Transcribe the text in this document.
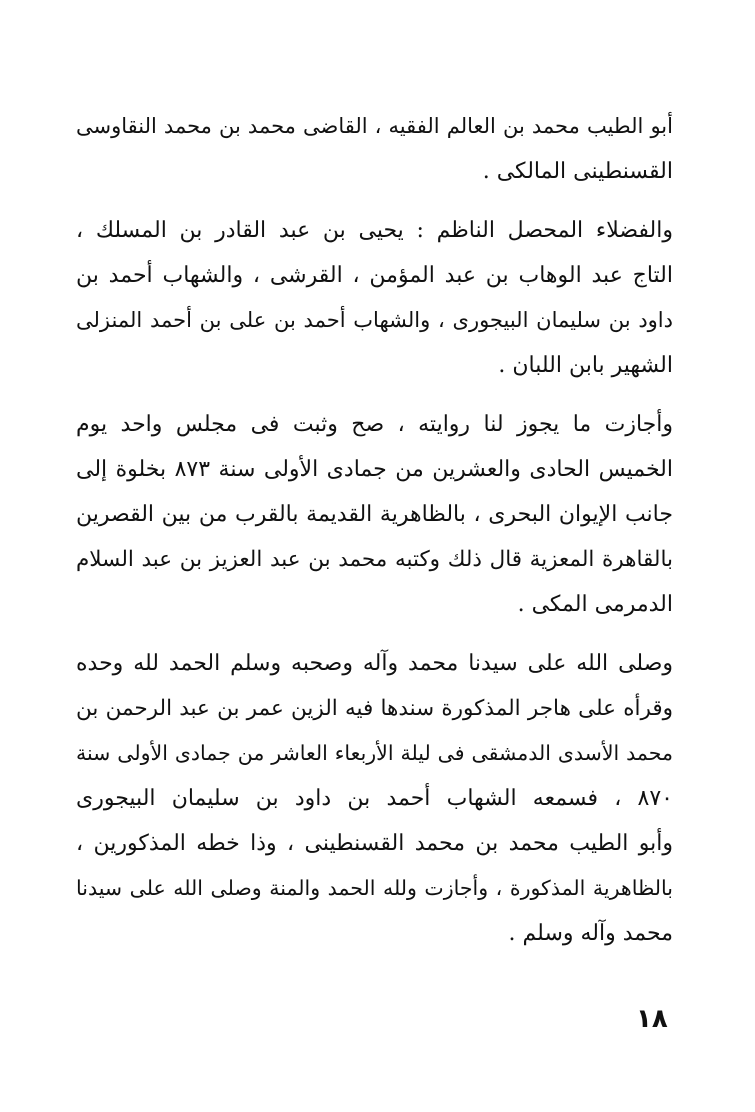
أبو الطيب محمد بن العالم الفقيه ، القاضى محمد بن محمد النقاوسى
القسنطينى المالكى .

والفضلاء المحصل الناظم : يحيى بن عبد القادر بن المسلك ،
التاج عبد الوهاب بن عبد المؤمن ، القرشى ، والشهاب أحمد بن
داود بن سليمان البيجورى ، والشهاب أحمد بن على بن أحمد المنزلى
الشهير بابن اللبان .

وأجازت ما يجوز لنا روايته ، صح وثبت فى مجلس واحد يوم
الخميس الحادى والعشرين من جمادى الأولى سنة ٨٧٣ بخلوة إلى
جانب الإيوان البحرى ، بالظاهرية القديمة بالقرب من بين القصرين
بالقاهرة المعزية قال ذلك وكتبه محمد بن عبد العزيز بن عبد السلام
الدمرمى المكى .

وصلى الله على سيدنا محمد وآله وصحبه وسلم الحمد لله وحده
وقرأه على هاجر المذكورة سندها فيه الزين عمر بن عبد الرحمن بن
محمد الأسدى الدمشقى فى ليلة الأربعاء العاشر من جمادى الأولى سنة
٨٧٠ ، فسمعه الشهاب أحمد بن داود بن سليمان البيجورى
وأبو الطيب محمد بن محمد القسنطينى ، وذا خطه المذكورين ،
بالظاهرية المذكورة ، وأجازت ولله الحمد والمنة وصلى الله على سيدنا
محمد وآله وسلم .

١٨
